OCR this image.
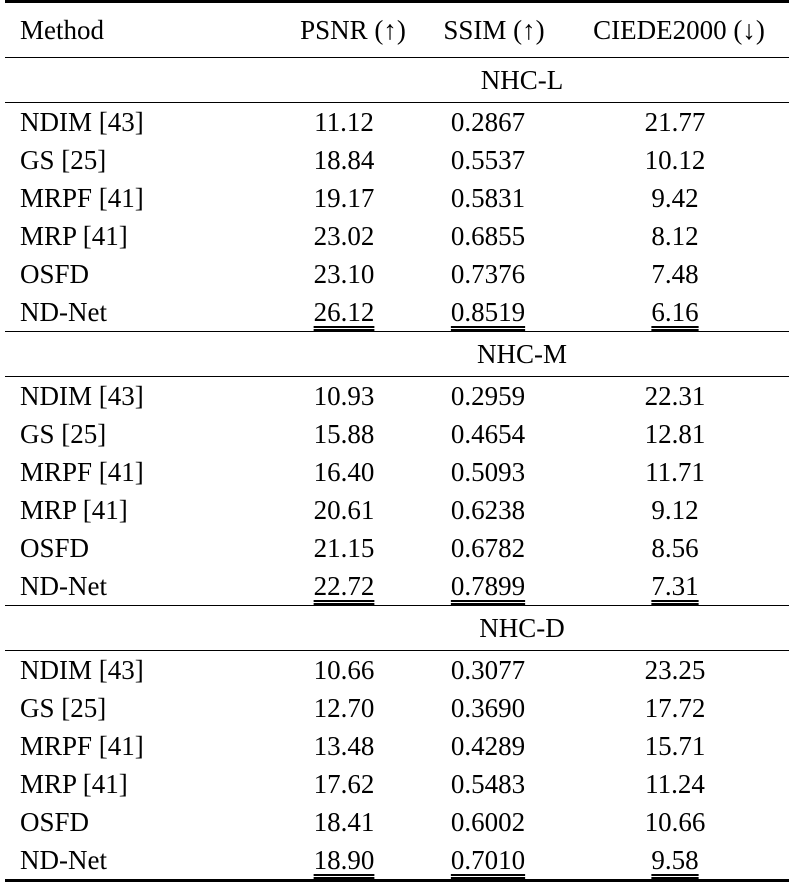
Method	PSNR (↑)	SSIM (↑)	CIEDE2000 (↓)
	NHC-L		
NDIM [43]	11.12	0.2867	21.77
GS [25]	18.84	0.5537	10.12
MRPF [41]	19.17	0.5831	9.42
MRP [41]	23.02	0.6855	8.12
OSFD	23.10	0.7376	7.48
ND-Net	26.12	0.8519	6.16
	NHC-M		
NDIM [43]	10.93	0.2959	22.31
GS [25]	15.88	0.4654	12.81
MRPF [41]	16.40	0.5093	11.71
MRP [41]	20.61	0.6238	9.12
OSFD	21.15	0.6782	8.56
ND-Net	22.72	0.7899	7.31
	NHC-D		
NDIM [43]	10.66	0.3077	23.25
GS [25]	12.70	0.3690	17.72
MRPF [41]	13.48	0.4289	15.71
MRP [41]	17.62	0.5483	11.24
OSFD	18.41	0.6002	10.66
ND-Net	18.90	0.7010	9.58
